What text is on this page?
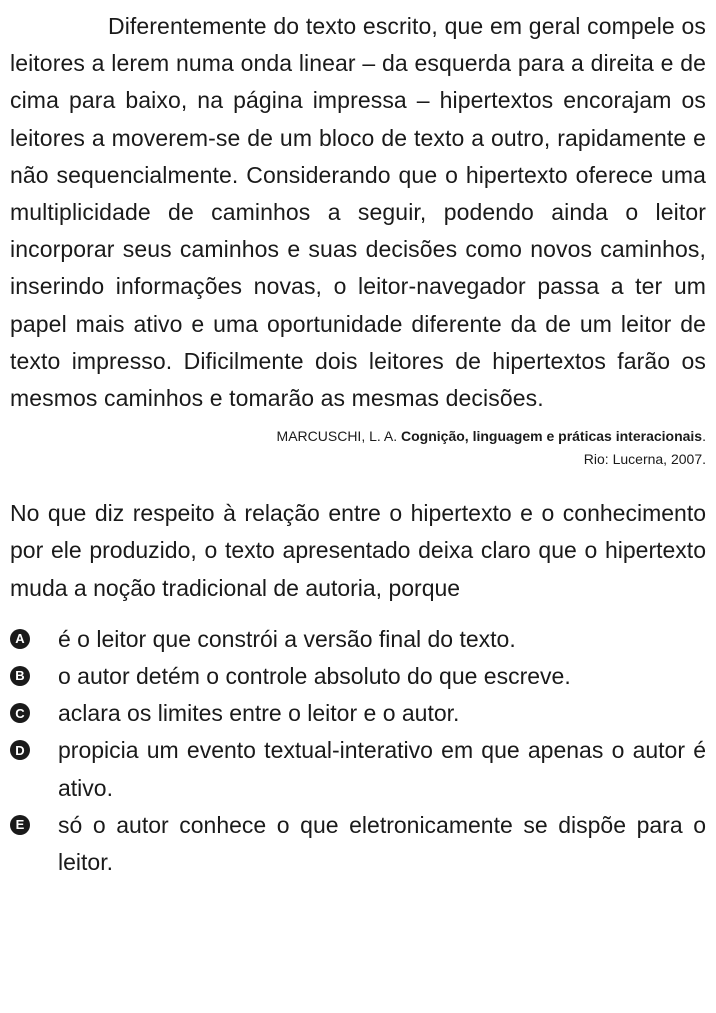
Diferentemente do texto escrito, que em geral compele os leitores a lerem numa onda linear – da esquerda para a direita e de cima para baixo, na página impressa – hipertextos encorajam os leitores a moverem-se de um bloco de texto a outro, rapidamente e não sequencialmente. Considerando que o hipertexto oferece uma multiplicidade de caminhos a seguir, podendo ainda o leitor incorporar seus caminhos e suas decisões como novos caminhos, inserindo informações novas, o leitor-navegador passa a ter um papel mais ativo e uma oportunidade diferente da de um leitor de texto impresso. Dificilmente dois leitores de hipertextos farão os mesmos caminhos e tomarão as mesmas decisões.

MARCUSCHI, L. A. Cognição, linguagem e práticas interacionais.
Rio: Lucerna, 2007.

No que diz respeito à relação entre o hipertexto e o conhecimento por ele produzido, o texto apresentado deixa claro que o hipertexto muda a noção tradicional de autoria, porque

A é o leitor que constrói a versão final do texto.
B o autor detém o controle absoluto do que escreve.
C aclara os limites entre o leitor e o autor.
D propicia um evento textual-interativo em que apenas o autor é ativo.
E só o autor conhece o que eletronicamente se dispõe para o leitor.
